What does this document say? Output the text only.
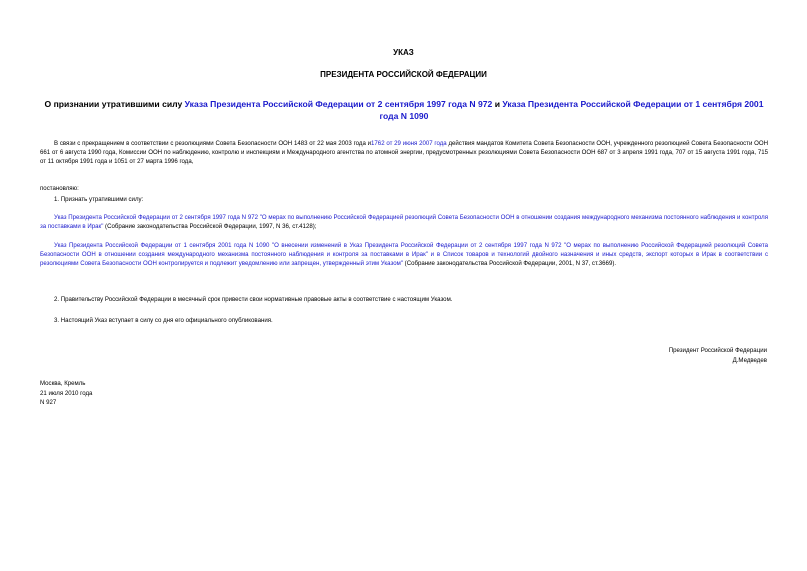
УКАЗ
ПРЕЗИДЕНТА РОССИЙСКОЙ ФЕДЕРАЦИИ
О признании утратившими силу Указа Президента Российской Федерации от 2 сентября 1997 года N 972 и Указа Президента Российской Федерации от 1 сентября 2001 года N 1090
В связи с прекращением в соответствии с резолюциями Совета Безопасности ООН 1483 от 22 мая 2003 года и1762 от 29 июня 2007 года действия мандатов Комитета Совета Безопасности ООН, учрежденного резолюцией Совета Безопасности ООН 661 от 6 августа 1990 года, Комиссии ООН по наблюдению, контролю и инспекциям и Международного агентства по атомной энергии, предусмотренных резолюциями Совета Безопасности ООН 687 от 3 апреля 1991 года, 707 от 15 августа 1991 года, 715 от 11 октября 1991 года и 1051 от 27 марта 1996 года,
постановляю:
1. Признать утратившими силу:
Указ Президента Российской Федерации от 2 сентября 1997 года N 972 "О мерах по выполнению Российской Федерацией резолюций Совета Безопасности ООН в отношении создания международного механизма постоянного наблюдения и контроля за поставками в Ирак" (Собрание законодательства Российской Федерации, 1997, N 36, ст.4128);
Указ Президента Российской Федерации от 1 сентября 2001 года N 1090 "О внесении изменений в Указ Президента Российской Федерации от 2 сентября 1997 года N 972 "О мерах по выполнению Российской Федерацией резолюций Совета Безопасности ООН в отношении создания международного механизма постоянного наблюдения и контроля за поставками в Ирак" и в Список товаров и технологий двойного назначения и иных средств, экспорт которых в Ирак в соответствии с резолюциями Совета Безопасности ООН контролируется и подлежит уведомлению или запрещен, утвержденный этим Указом" (Собрание законодательства Российской Федерации, 2001, N 37, ст.3669).
2. Правительству Российской Федерации в месячный срок привести свои нормативные правовые акты в соответствие с настоящим Указом.
3. Настоящий Указ вступает в силу со дня его официального опубликования.
Президент Российской Федерации
Д.Медведев
Москва, Кремль
21 июля 2010 года
N 927
